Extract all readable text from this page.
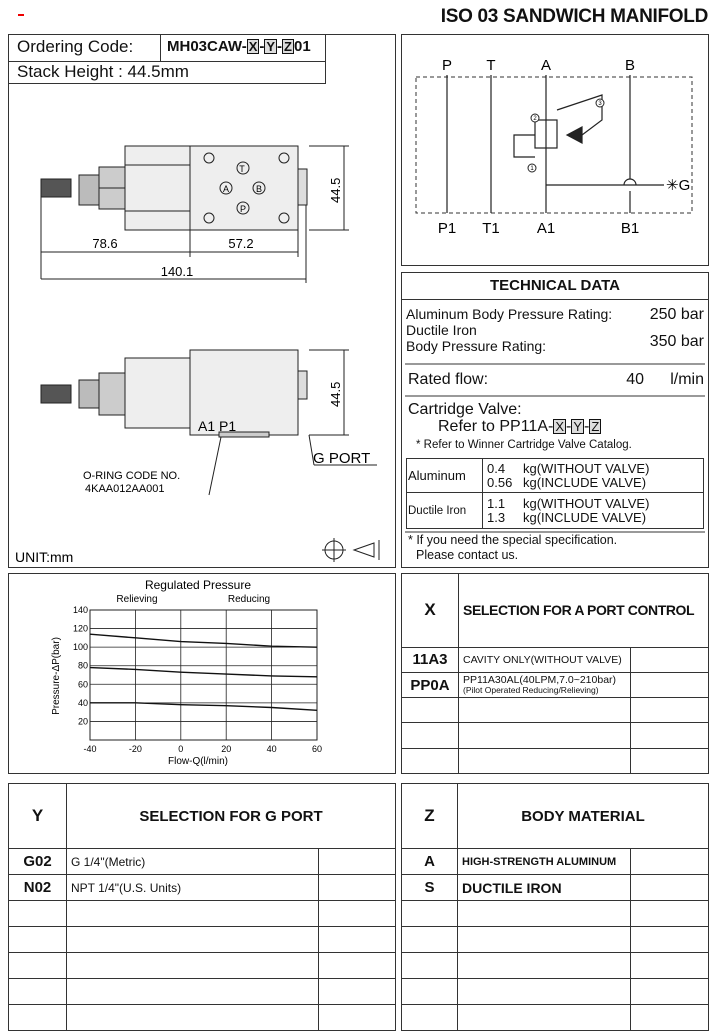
ISO 03 SANDWICH MANIFOLD
T
A	B
P
78.6	57.2
140.1
44.5
44.5
A1 P1
O-RING CODE NO.
4KAA012AA001
G PORT
UNIT:mm
Ordering Code: MH03CAW- X - Y - Z 01
Stack Height : 44.5mm
1
2
3
P T	A	B
P1 T1 A1	B1
✳G
TECHNICAL DATA
Aluminum Body Pressure Rating: 250 bar
Ductile Iron
Body Pressure Rating:	350 bar
Rated flow:	40 l/min
Cartridge Valve:
Refer to PP11A- X - Y - Z
* Refer to Winner Cartridge Valve Catalog.
Aluminum	0.4 kg(WITHOUT VALVE)
0.56 kg(INCLUDE VALVE)

Ductile Iron	1.1 kg(WITHOUT VALVE)
1.3 kg(INCLUDE VALVE)
* If you need the special specification.
Please contact us.
Regulated Pressure
Relieving	Reducing
Flow-Q(l/min)
Pressure-ΔP(bar)
-40	-20	0	20	40	60
20
40
60
80
100
120
140	X	SELECTION FOR A PORT CONTROL	
11A3	CAVITY ONLY(WITHOUT VALVE)	
PP0A	PP11A30AL(40LPM,7.0~210bar)
(Pilot Operated Reducing/Relieving)	

Y	SELECTION FOR G PORT	
G02	G 1/4"(Metric)	
N02	NPT 1/4"(U.S. Units)	

Z	BODY MATERIAL	
A	HIGH-STRENGTH ALUMINUM	
S	DUCTILE IRON	
